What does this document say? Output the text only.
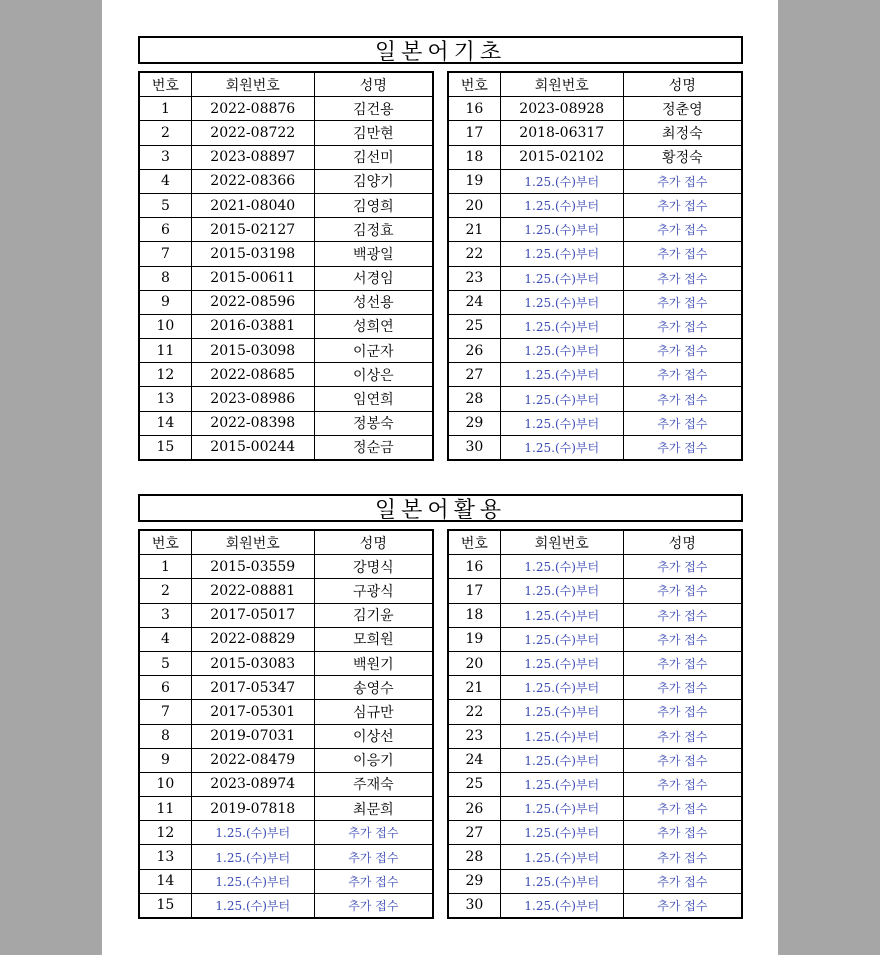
일본어기초
번호	회원번호	성명
1	2022-08876	김건용
2	2022-08722	김만현
3	2023-08897	김선미
4	2022-08366	김양기
5	2021-08040	김영희
6	2015-02127	김정효
7	2015-03198	백광일
8	2015-00611	서경임
9	2022-08596	성선용
10	2016-03881	성희연
11	2015-03098	이군자
12	2022-08685	이상은
13	2023-08986	임연희
14	2022-08398	정봉숙
15	2015-00244	정순금
번호	회원번호	성명
16	2023-08928	정춘영
17	2018-06317	최정숙
18	2015-02102	황정숙
19	1.25.(수)부터	추가 접수
20	1.25.(수)부터	추가 접수
21	1.25.(수)부터	추가 접수
22	1.25.(수)부터	추가 접수
23	1.25.(수)부터	추가 접수
24	1.25.(수)부터	추가 접수
25	1.25.(수)부터	추가 접수
26	1.25.(수)부터	추가 접수
27	1.25.(수)부터	추가 접수
28	1.25.(수)부터	추가 접수
29	1.25.(수)부터	추가 접수
30	1.25.(수)부터	추가 접수
일본어활용
번호	회원번호	성명
1	2015-03559	강명식
2	2022-08881	구광식
3	2017-05017	김기윤
4	2022-08829	모희원
5	2015-03083	백원기
6	2017-05347	송영수
7	2017-05301	심규만
8	2019-07031	이상선
9	2022-08479	이응기
10	2023-08974	주재숙
11	2019-07818	최문희
12	1.25.(수)부터	추가 접수
13	1.25.(수)부터	추가 접수
14	1.25.(수)부터	추가 접수
15	1.25.(수)부터	추가 접수
번호	회원번호	성명
16	1.25.(수)부터	추가 접수
17	1.25.(수)부터	추가 접수
18	1.25.(수)부터	추가 접수
19	1.25.(수)부터	추가 접수
20	1.25.(수)부터	추가 접수
21	1.25.(수)부터	추가 접수
22	1.25.(수)부터	추가 접수
23	1.25.(수)부터	추가 접수
24	1.25.(수)부터	추가 접수
25	1.25.(수)부터	추가 접수
26	1.25.(수)부터	추가 접수
27	1.25.(수)부터	추가 접수
28	1.25.(수)부터	추가 접수
29	1.25.(수)부터	추가 접수
30	1.25.(수)부터	추가 접수
